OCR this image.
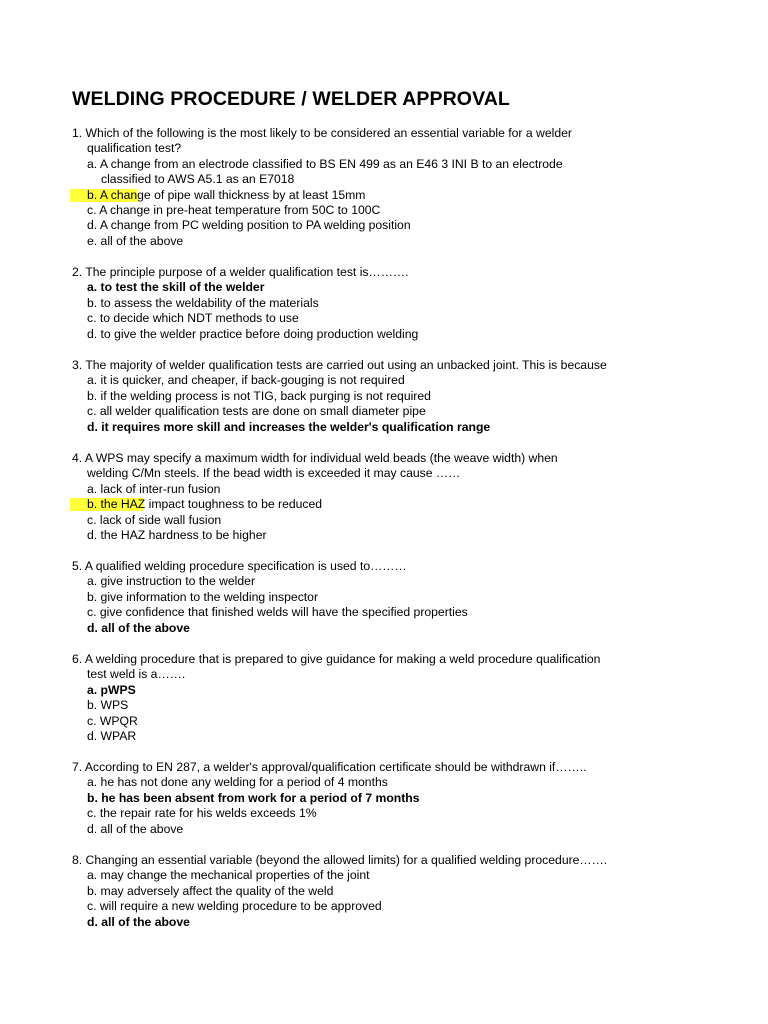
WELDING PROCEDURE / WELDER APPROVAL
1. Which of the following is the most likely to be considered an essential variable for a welder
qualification test?
a. A change from an electrode classified to BS EN 499 as an E46 3 INI B to an electrode
classified to AWS A5.1 as an E7018
b. A change of pipe wall thickness by at least 15mm
c. A change in pre-heat temperature from 50C to 100C
d. A change from PC welding position to PA welding position
e. all of the above
2. The principle purpose of a welder qualification test is……….
a. to test the skill of the welder
b. to assess the weldability of the materials
c. to decide which NDT methods to use
d. to give the welder practice before doing production welding
3. The majority of welder qualification tests are carried out using an unbacked joint. This is because
a. it is quicker, and cheaper, if back-gouging is not required
b. if the welding process is not TIG, back purging is not required
c. all welder qualification tests are done on small diameter pipe
d. it requires more skill and increases the welder's qualification range
4. A WPS may specify a maximum width for individual weld beads (the weave width) when
welding C/Mn steels. If the bead width is exceeded it may cause ……
a. lack of inter-run fusion
b. the HAZ impact toughness to be reduced
c. lack of side wall fusion
d. the HAZ hardness to be higher
5. A qualified welding procedure specification is used to………
a. give instruction to the welder
b. give information to the welding inspector
c. give confidence that finished welds will have the specified properties
d. all of the above
6. A welding procedure that is prepared to give guidance for making a weld procedure qualification
test weld is a…….
a. pWPS
b. WPS
c. WPQR
d. WPAR
7. According to EN 287, a welder's approval/qualification certificate should be withdrawn if……..
a. he has not done any welding for a period of 4 months
b. he has been absent from work for a period of 7 months
c. the repair rate for his welds exceeds 1%
d. all of the above
8. Changing an essential variable (beyond the allowed limits) for a qualified welding procedure…….
a. may change the mechanical properties of the joint
b. may adversely affect the quality of the weld
c. will require a new welding procedure to be approved
d. all of the above
